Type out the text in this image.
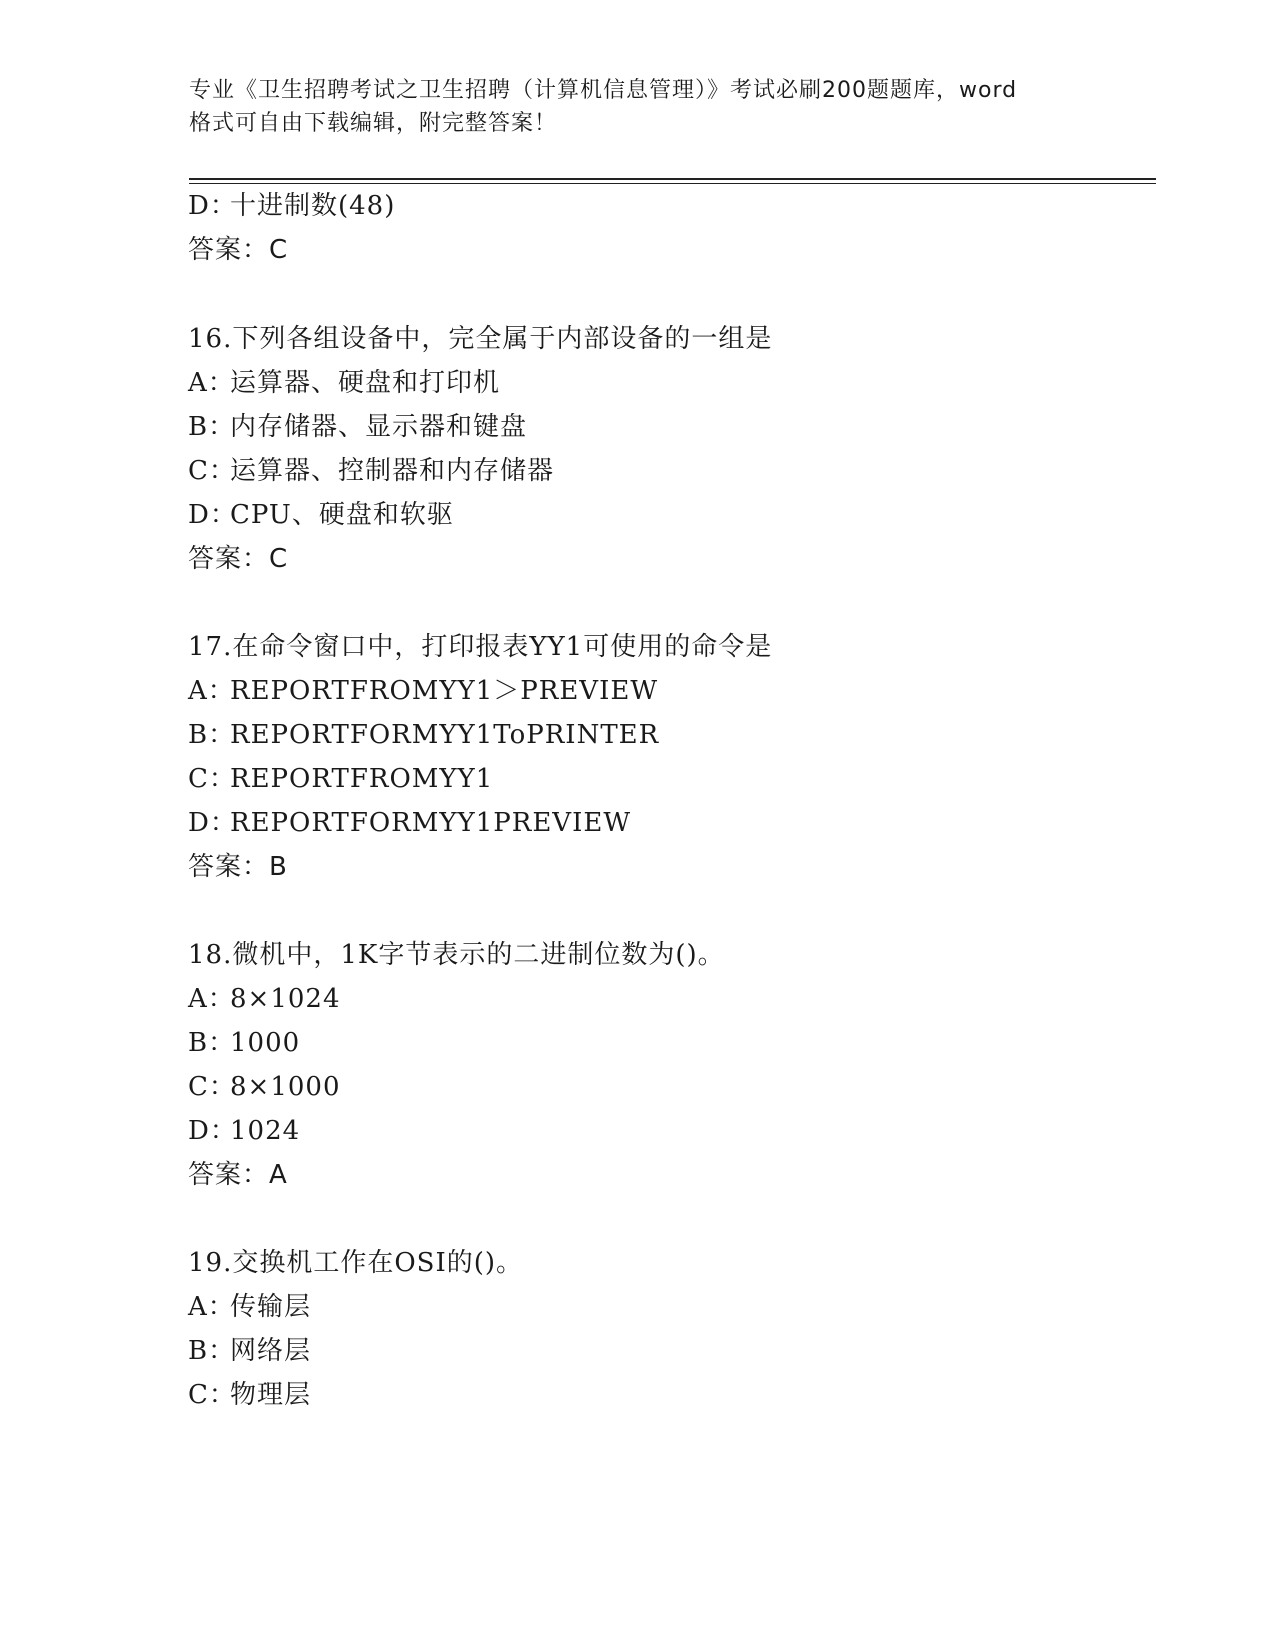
专业《卫生招聘考试之卫生招聘（计算机信息管理）》考试必刷200题题库，word
格式可自由下载编辑，附完整答案！
D：十进制数(48)
答案：C
16.下列各组设备中，完全属于内部设备的一组是
A：运算器、硬盘和打印机
B：内存储器、显示器和键盘
C：运算器、控制器和内存储器
D：CPU、硬盘和软驱
答案：C
17.在命令窗口中，打印报表YY1可使用的命令是
A：REPORTFROMYY1＞PREVIEW
B：REPORTFORMYY1ToPRINTER
C：REPORTFROMYY1
D：REPORTFORMYY1PREVIEW
答案：B
18.微机中，1K字节表示的二进制位数为()。
A：8×1024
B：1000
C：8×1000
D：1024
答案：A
19.交换机工作在OSI的()。
A：传输层
B：网络层
C：物理层
